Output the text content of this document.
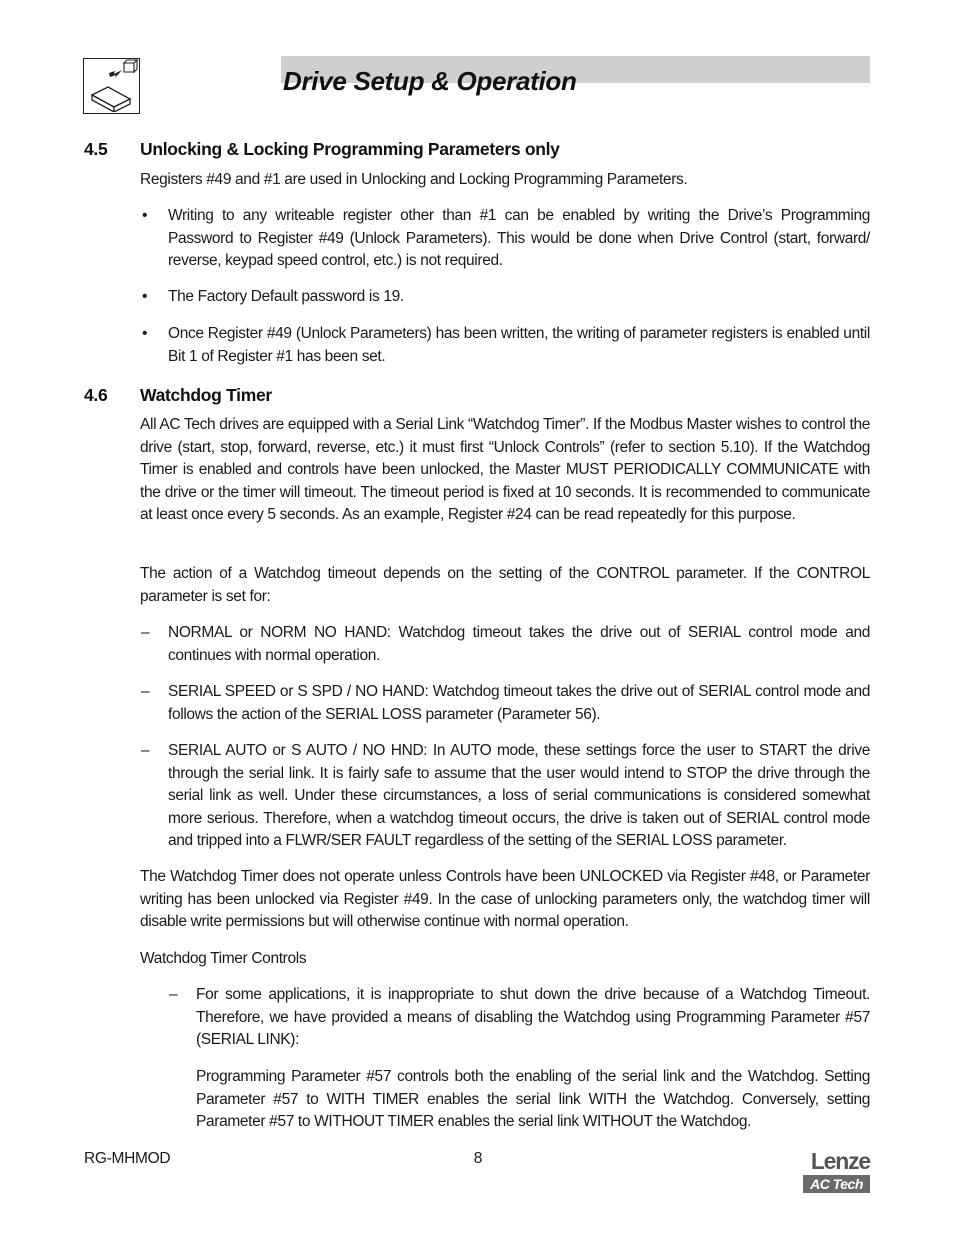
Drive Setup & Operation
4.5 Unlocking & Locking Programming Parameters only
Registers #49 and #1 are used in Unlocking and Locking Programming Parameters.
• Writing to any writeable register other than #1 can be enabled by writing the Drive’s Programming Password to Register #49 (Unlock Parameters). This would be done when Drive Control (start, forward/ reverse, keypad speed control, etc.) is not required.
• The Factory Default password is 19.
• Once Register #49 (Unlock Parameters) has been written, the writing of parameter registers is enabled until Bit 1 of Register #1 has been set.
4.6 Watchdog Timer
All AC Tech drives are equipped with a Serial Link “Watchdog Timer”. If the Modbus Master wishes to control the drive (start, stop, forward, reverse, etc.) it must first “Unlock Controls” (refer to section 5.10). If the Watchdog Timer is enabled and controls have been unlocked, the Master MUST PERIODICALLY COMMUNICATE with the drive or the timer will timeout. The timeout period is fixed at 10 seconds. It is recommended to communicate at least once every 5 seconds. As an example, Register #24 can be read repeatedly for this purpose.
The action of a Watchdog timeout depends on the setting of the CONTROL parameter. If the CONTROL parameter is set for:
– NORMAL or NORM NO HAND: Watchdog timeout takes the drive out of SERIAL control mode and continues with normal operation.
– SERIAL SPEED or S SPD / NO HAND: Watchdog timeout takes the drive out of SERIAL control mode and follows the action of the SERIAL LOSS parameter (Parameter 56).
– SERIAL AUTO or S AUTO / NO HND: In AUTO mode, these settings force the user to START the drive through the serial link. It is fairly safe to assume that the user would intend to STOP the drive through the serial link as well. Under these circumstances, a loss of serial communications is considered somewhat more serious. Therefore, when a watchdog timeout occurs, the drive is taken out of SERIAL control mode and tripped into a FLWR/SER FAULT regardless of the setting of the SERIAL LOSS parameter.
The Watchdog Timer does not operate unless Controls have been UNLOCKED via Register #48, or Parameter writing has been unlocked via Register #49. In the case of unlocking parameters only, the watchdog timer will disable write permissions but will otherwise continue with normal operation.
Watchdog Timer Controls
– For some applications, it is inappropriate to shut down the drive because of a Watchdog Timeout. Therefore, we have provided a means of disabling the Watchdog using Programming Parameter #57 (SERIAL LINK):
Programming Parameter #57 controls both the enabling of the serial link and the Watchdog. Setting Parameter #57 to WITH TIMER enables the serial link WITH the Watchdog. Conversely, setting Parameter #57 to WITHOUT TIMER enables the serial link WITHOUT the Watchdog.
RG-MHMOD	8	Lenze
AC Tech
